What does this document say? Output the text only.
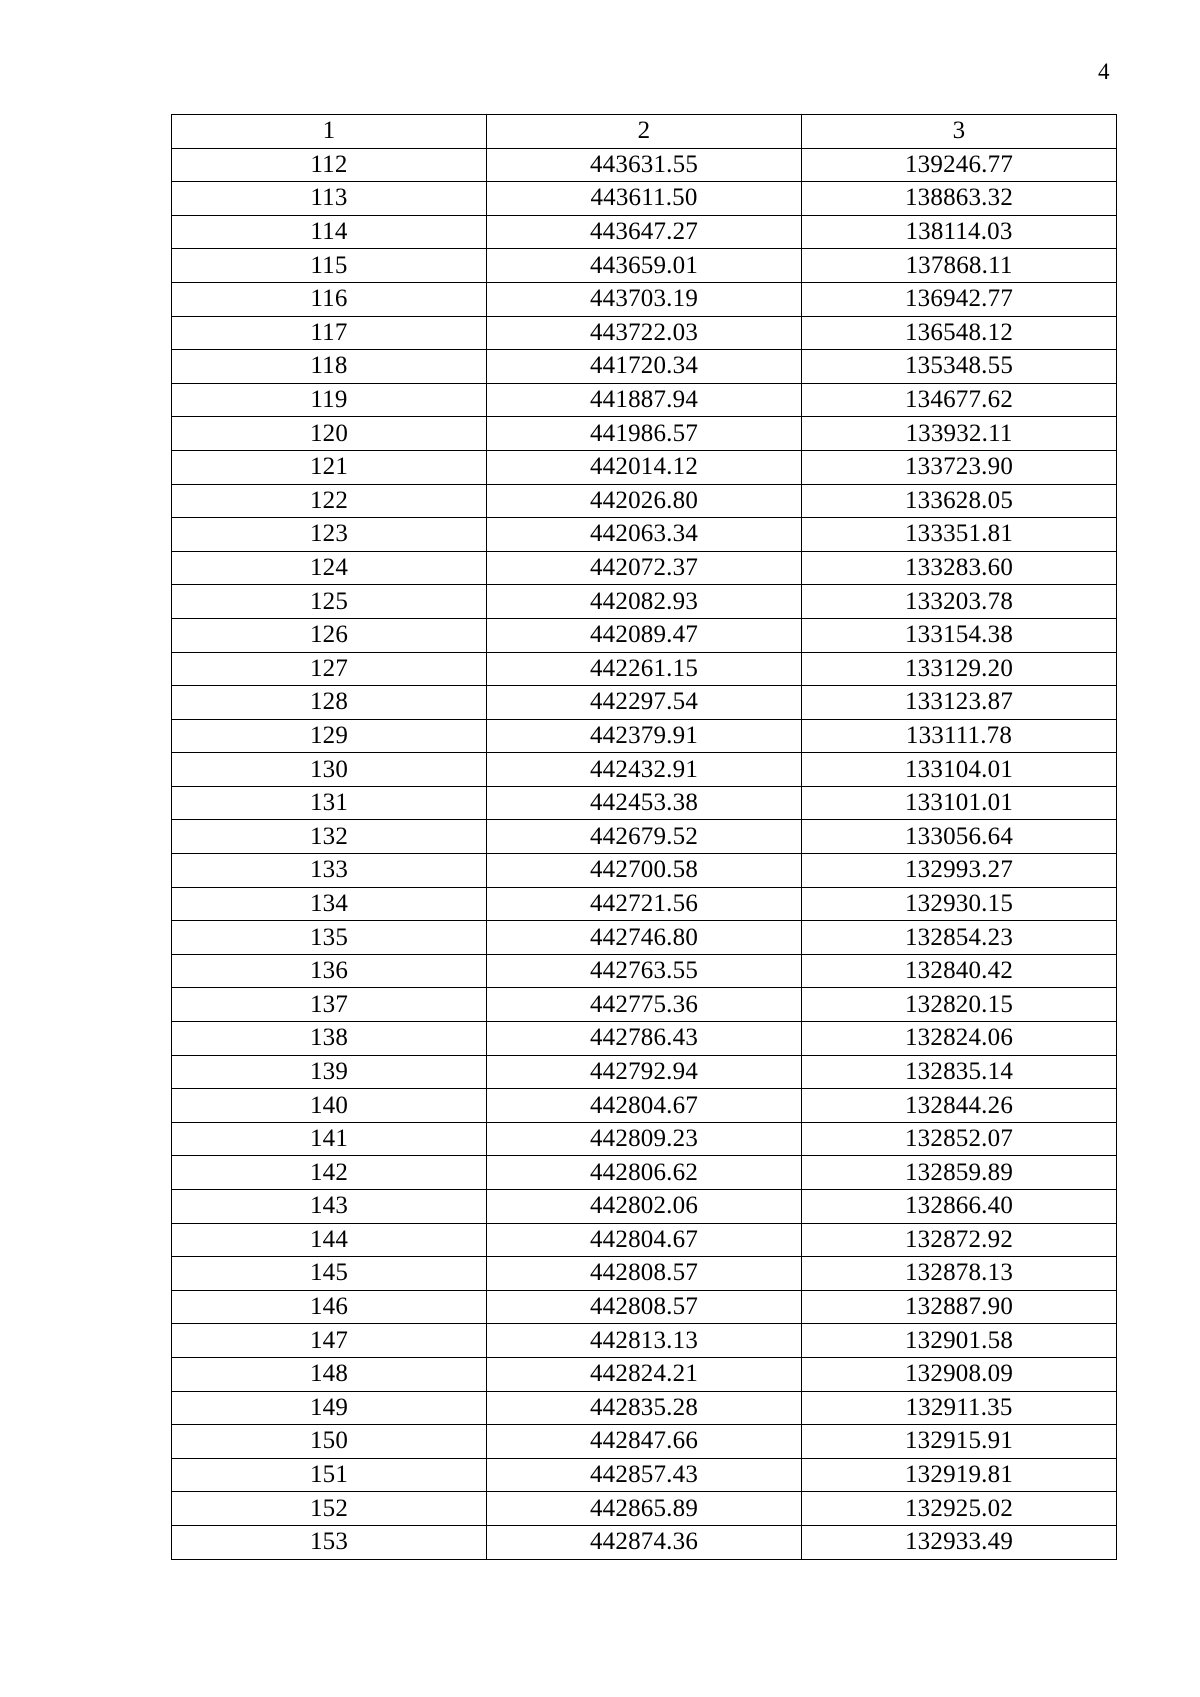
4
1	2	3
112	443631.55	139246.77
113	443611.50	138863.32
114	443647.27	138114.03
115	443659.01	137868.11
116	443703.19	136942.77
117	443722.03	136548.12
118	441720.34	135348.55
119	441887.94	134677.62
120	441986.57	133932.11
121	442014.12	133723.90
122	442026.80	133628.05
123	442063.34	133351.81
124	442072.37	133283.60
125	442082.93	133203.78
126	442089.47	133154.38
127	442261.15	133129.20
128	442297.54	133123.87
129	442379.91	133111.78
130	442432.91	133104.01
131	442453.38	133101.01
132	442679.52	133056.64
133	442700.58	132993.27
134	442721.56	132930.15
135	442746.80	132854.23
136	442763.55	132840.42
137	442775.36	132820.15
138	442786.43	132824.06
139	442792.94	132835.14
140	442804.67	132844.26
141	442809.23	132852.07
142	442806.62	132859.89
143	442802.06	132866.40
144	442804.67	132872.92
145	442808.57	132878.13
146	442808.57	132887.90
147	442813.13	132901.58
148	442824.21	132908.09
149	442835.28	132911.35
150	442847.66	132915.91
151	442857.43	132919.81
152	442865.89	132925.02
153	442874.36	132933.49
